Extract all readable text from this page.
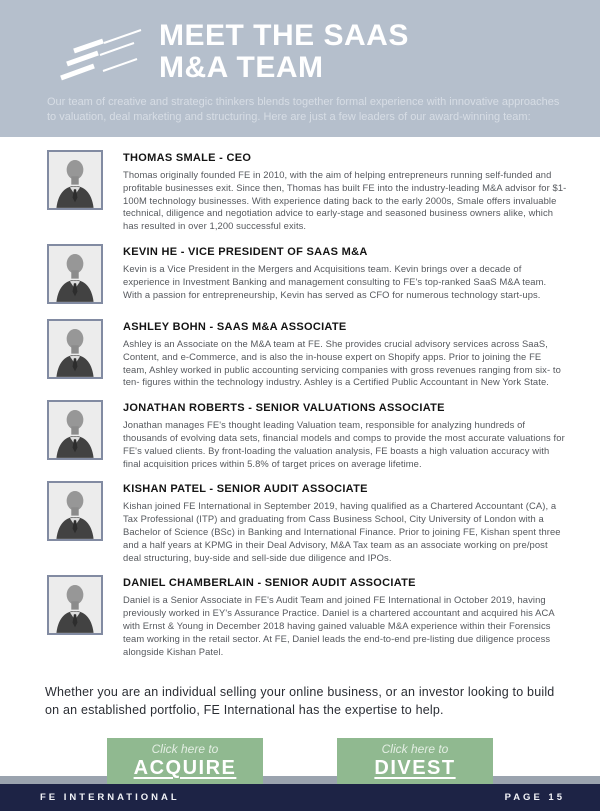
MEET THE SAAS
M&A TEAM
Our team of creative and strategic thinkers blends together formal experience with innovative approaches to valuation, deal marketing and structuring. Here are just a few leaders of our award-winning team:
THOMAS SMALE - CEO
Thomas originally founded FE in 2010, with the aim of helping entrepreneurs running self-funded and profitable businesses exit. Since then, Thomas has built FE into the industry-leading M&A advisor for $1-100M technology businesses. With experience dating back to the early 2000s, Smale offers invaluable technical, diligence and negotiation advice to early-stage and seasoned business owners alike, which has resulted in over 1,200 successful exits.
KEVIN HE - VICE PRESIDENT OF SAAS M&A
Kevin is a Vice President in the Mergers and Acquisitions team. Kevin brings over a decade of experience in Investment Banking and management consulting to FE's top-ranked SaaS M&A team. With a passion for entrepreneurship, Kevin has served as CFO for numerous technology start-ups.
ASHLEY BOHN - SAAS M&A ASSOCIATE
Ashley is an Associate on the M&A team at FE. She provides crucial advisory services across SaaS, Content, and e-Commerce, and is also the in-house expert on Shopify apps. Prior to joining the FE team, Ashley worked in public accounting servicing companies with gross revenues ranging from six- to ten- figures within the technology industry. Ashley is a Certified Public Accountant in New York State.
JONATHAN ROBERTS - SENIOR VALUATIONS ASSOCIATE
Jonathan manages FE's thought leading Valuation team, responsible for analyzing hundreds of thousands of evolving data sets, financial models and comps to provide the most accurate valuations for FE's valued clients. By front-loading the valuation analysis, FE boasts a high valuation accuracy with final acquisition prices within 5.8% of target prices on average lifetime.
KISHAN PATEL - SENIOR AUDIT ASSOCIATE
Kishan joined FE International in September 2019, having qualified as a Chartered Accountant (CA), a Tax Professional (ITP) and graduating from Cass Business School, City University of London with a Bachelor of Science (BSc) in Banking and International Finance. Prior to joining FE, Kishan spent three and a half years at KPMG in their Deal Advisory, M&A Tax team as an associate working on pre/post deal structuring, buy-side and sell-side due diligence and IPOs.
DANIEL CHAMBERLAIN - SENIOR AUDIT ASSOCIATE
Daniel is a Senior Associate in FE's Audit Team and joined FE International in October 2019, having previously worked in EY's Assurance Practice. Daniel is a chartered accountant and acquired his ACA with Ernst & Young in December 2018 having gained valuable M&A experience within their Forensics team working in the retail sector. At FE, Daniel leads the end-to-end pre-listing due diligence process alongside Kishan Patel.
Whether you are an individual selling your online business, or an investor looking to build on an established portfolio, FE International has the expertise to help.
Click here to
ACQUIRE
Click here to
DIVEST
FE INTERNATIONAL	PAGE 15
